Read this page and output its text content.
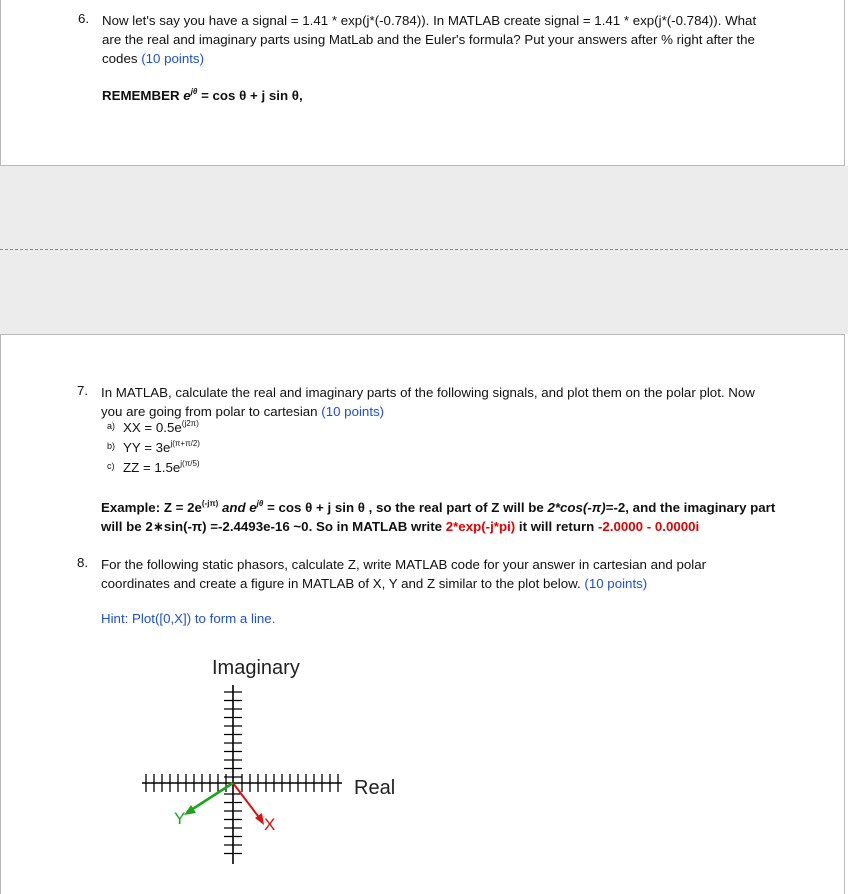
6. Now let's say you have a signal = 1.41 * exp(j*(-0.784)). In MATLAB create signal = 1.41 * exp(j*(-0.784)). What
are the real and imaginary parts using MatLab and the Euler's formula? Put your answers after % right after the
codes (10 points)
REMEMBER $e^{j\theta} = \cos \theta + j$ sin θ,
7. In MATLAB, calculate the real and imaginary parts of the following signals, and plot them on the polar plot. Now
you are going from polar to cartesian (10 points)
a) XX = $0.5e^{(j2\pi)}$
b) YY = $3e^{j(\pi+\pi/2)}$
c) ZZ = $1.5e^{j(\pi/5)}$
Example: $Z = 2e^{(-j\pi)}$ and $e^{j\theta} = \cos \theta + j$ sin θ , so the real part of Z will be 2*cos(-π)=-2, and the imaginary part
will be 2∗sin(-π) =-2.4493e-16 ~0. So in MATLAB write 2*exp(-j*pi) it will return -2.0000 - 0.0000i
8. For the following static phasors, calculate Z, write MATLAB code for your answer in cartesian and polar
coordinates and create a figure in MATLAB of X, Y and Z similar to the plot below. (10 points)
Hint: Plot([0,X]) to form a line.
Imaginary
Real
Y	X
